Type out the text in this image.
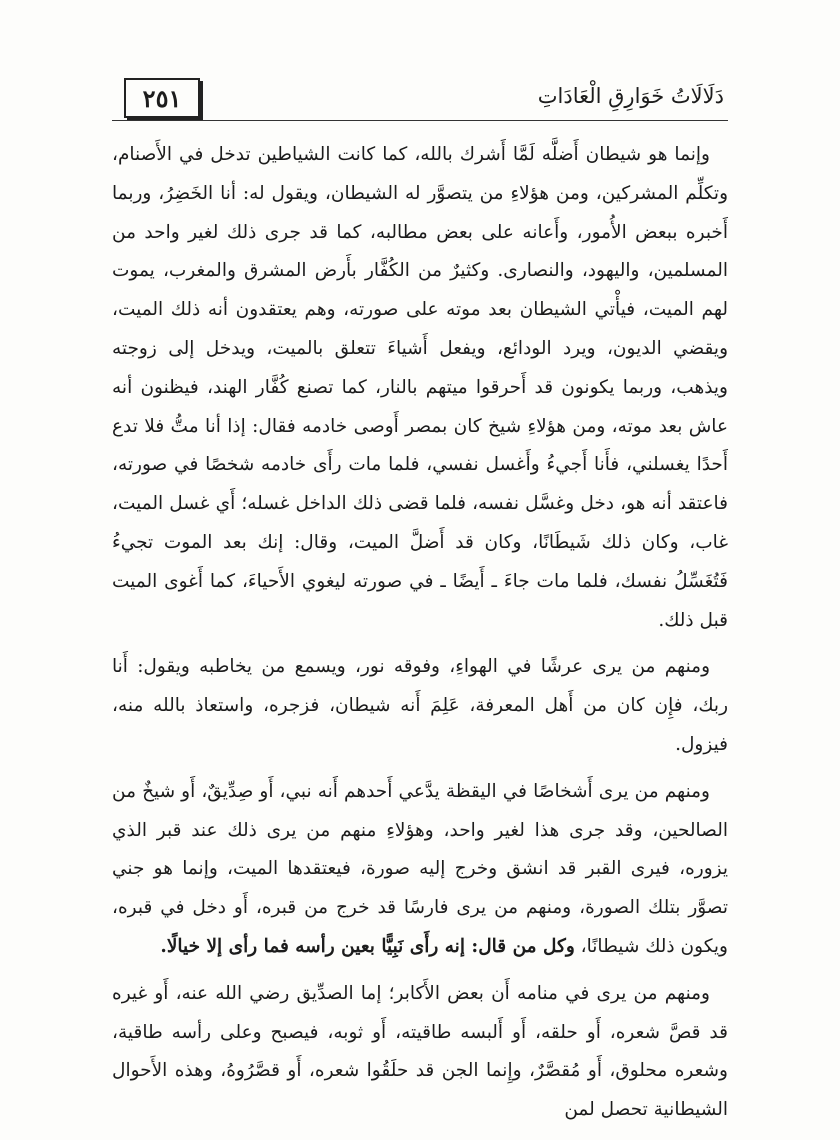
٢٥١	دَلَالَاتُ خَوَارِقِ الْعَادَاتِ

وإنما هو شيطان أَضلَّه لَمَّا أَشرك بالله، كما كانت الشياطين تدخل في الأَصنام، وتكلِّم المشركين، ومن هؤلاءِ من يتصوَّر له الشيطان، ويقول له: أنا الخَضِرُ، وربما أَخبره ببعض الأُمور، وأَعانه على بعض مطالبه، كما قد جرى ذلك لغير واحد من المسلمين، واليهود، والنصارى. وكثيرٌ من الكُفَّار بأَرض المشرق والمغرب، يموت لهم الميت، فيأْتي الشيطان بعد موته على صورته، وهم يعتقدون أنه ذلك الميت، ويقضي الديون، ويرد الودائع، ويفعل أَشياءَ تتعلق بالميت، ويدخل إلى زوجته ويذهب، وربما يكونون قد أَحرقوا ميتهم بالنار، كما تصنع كُفَّار الهند، فيظنون أنه عاش بعد موته، ومن هؤلاءِ شيخ كان بمصر أَوصى خادمه فقال: إذا أنا متُّ فلا تدع أَحدًا يغسلني، فأَنا أَجيءُ وأَغسل نفسي، فلما مات رأَى خادمه شخصًا في صورته، فاعتقد أنه هو، دخل وغسَّل نفسه، فلما قضى ذلك الداخل غسله؛ أَي غسل الميت، غاب، وكان ذلك شَيطَانًا، وكان قد أَضلَّ الميت، وقال: إنك بعد الموت تجيءُ فَتُغَسِّلُ نفسك، فلما مات جاءَ ـ أَيضًا ـ في صورته ليغوي الأَحياءَ، كما أَغوى الميت قبل ذلك.

ومنهم من يرى عرشًا في الهواءِ، وفوقه نور، ويسمع من يخاطبه ويقول: أَنا ربك، فإِن كان من أَهل المعرفة، عَلِمَ أَنه شيطان، فزجره، واستعاذ بالله منه، فيزول.

ومنهم من يرى أَشخاصًا في اليقظة يدَّعي أَحدهم أَنه نبي، أَو صِدِّيقٌ، أَو شيخٌ من الصالحين، وقد جرى هذا لغير واحد، وهؤلاءِ منهم من يرى ذلك عند قبر الذي يزوره، فيرى القبر قد انشق وخرج إليه صورة، فيعتقدها الميت، وإنما هو جني تصوَّر بتلك الصورة، ومنهم من يرى فارسًا قد خرج من قبره، أَو دخل في قبره، ويكون ذلك شيطانًا، وكل من قال: إنه رأَى نَبِيًّا بعين رأسه فما رأى إلا خيالًا.

ومنهم من يرى في منامه أَن بعض الأَكابر؛ إما الصدِّيق رضي الله عنه، أَو غيره قد قصَّ شعره، أَو حلقه، أَو أَلبسه طاقيته، أَو ثوبه، فيصبح وعلى رأسه طاقية، وشعره محلوق، أَو مُقصَّرٌ، وإِنما الجن قد حلَقُوا شعره، أَو قصَّرُوهُ، وهذه الأَحوال الشيطانية تحصل لمن
